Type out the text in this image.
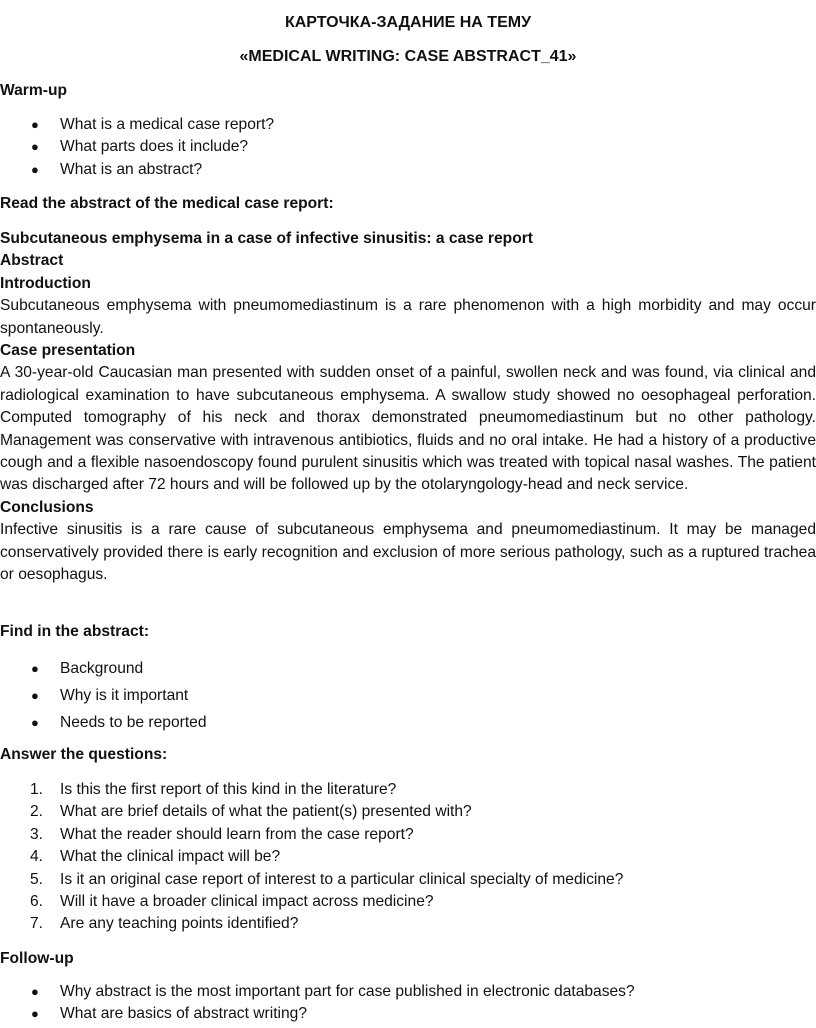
КАРТОЧКА-ЗАДАНИЕ НА ТЕМУ

«MEDICAL WRITING: CASE ABSTRACT_41»

Warm-up

● What is a medical case report?
● What parts does it include?
● What is an abstract?

Read the abstract of the medical case report:

Subcutaneous emphysema in a case of infective sinusitis: a case report

Abstract

Introduction

Subcutaneous emphysema with pneumomediastinum is a rare phenomenon with a high morbidity and may occur spontaneously.

Case presentation

A 30-year-old Caucasian man presented with sudden onset of a painful, swollen neck and was found, via clinical and radiological examination to have subcutaneous emphysema. A swallow study showed no oesophageal perforation. Computed tomography of his neck and thorax demonstrated pneumomediastinum but no other pathology. Management was conservative with intravenous antibiotics, fluids and no oral intake. He had a history of a productive cough and a flexible nasoendoscopy found purulent sinusitis which was treated with topical nasal washes. The patient was discharged after 72 hours and will be followed up by the otolaryngology-head and neck service.

Conclusions

Infective sinusitis is a rare cause of subcutaneous emphysema and pneumomediastinum. It may be managed conservatively provided there is early recognition and exclusion of more serious pathology, such as a ruptured trachea or oesophagus.

Find in the abstract:

● Background
● Why is it important
● Needs to be reported

Answer the questions:

1. Is this the first report of this kind in the literature?
2. What are brief details of what the patient(s) presented with?
3. What the reader should learn from the case report?
4. What the clinical impact will be?
5. Is it an original case report of interest to a particular clinical specialty of medicine?
6. Will it have a broader clinical impact across medicine?
7. Are any teaching points identified?

Follow-up

● Why abstract is the most important part for case published in electronic databases?
● What are basics of abstract writing?
